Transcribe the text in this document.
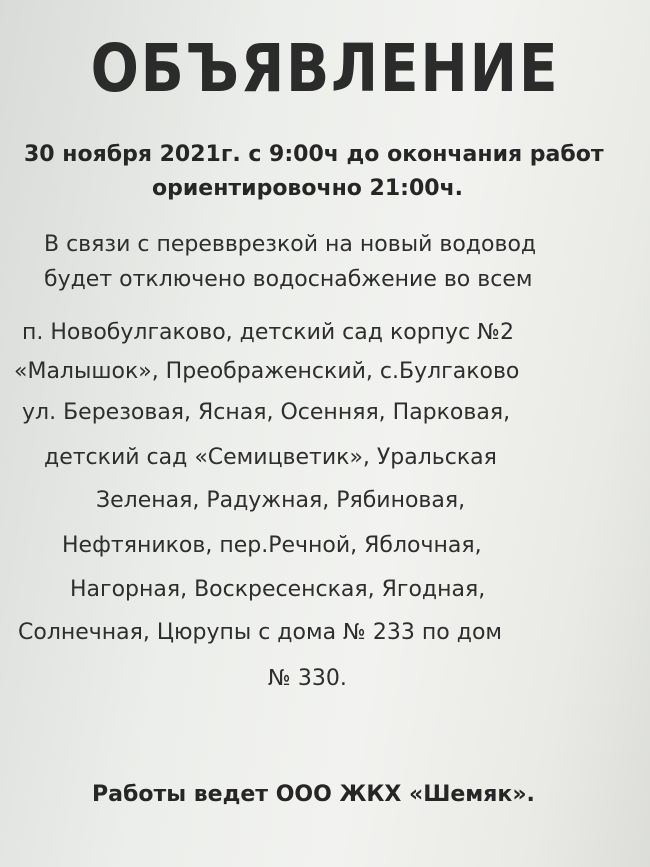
ОБЪЯВЛЕНИЕ
30 ноября 2021г. с 9:00ч до окончания работ
ориентировочно 21:00ч.
В связи с перевврезкой на новый водовод
будет отключено водоснабжение во всем
п. Новобулгаково, детский сад корпус №2
«Малышок», Преображенский, с.Булгаково
ул. Березовая, Ясная, Осенняя, Парковая,
детский сад «Семицветик», Уральская
Зеленая, Радужная, Рябиновая,
Нефтяников, пер.Речной, Яблочная,
Нагорная, Воскресенская, Ягодная,
Солнечная, Цюрупы с дома № 233 по дом
№ 330.
Работы ведет ООО ЖКХ «Шемяк».
